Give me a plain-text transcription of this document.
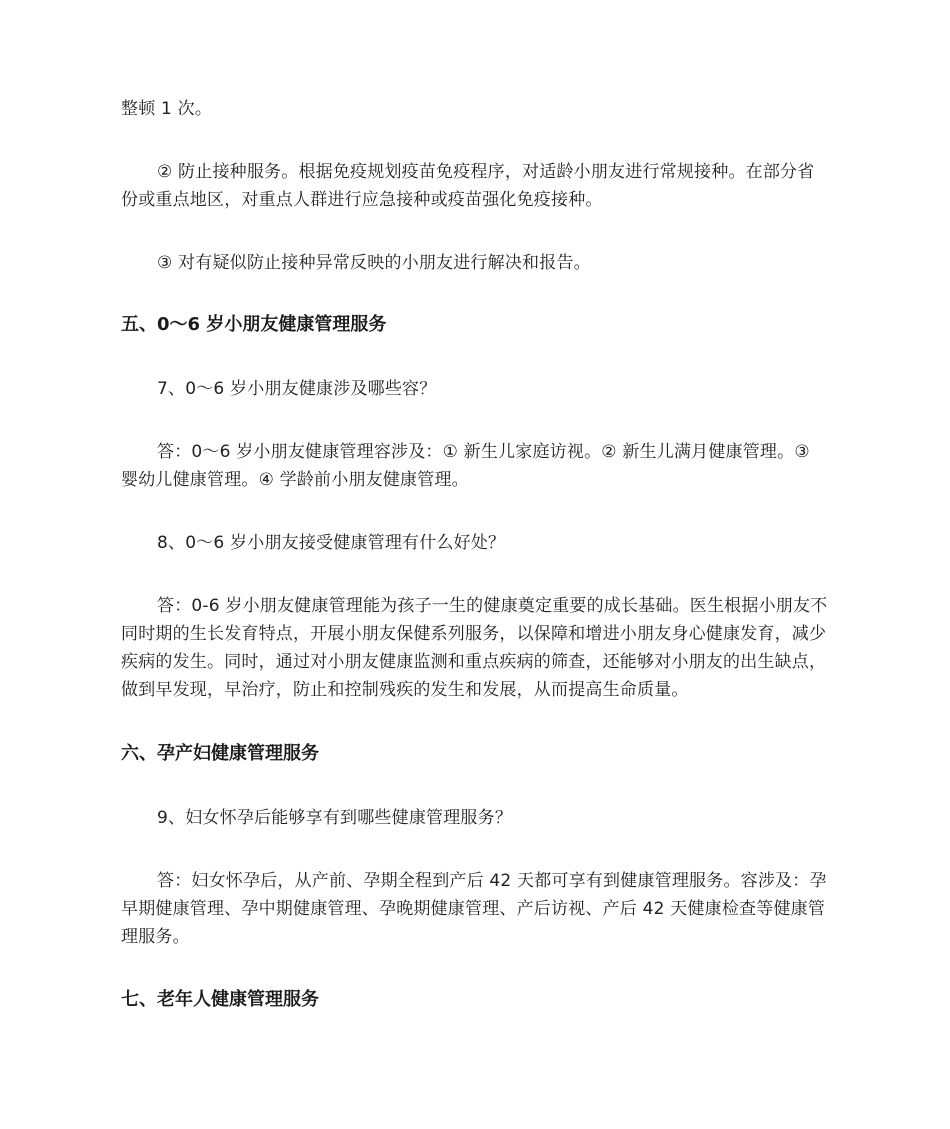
整顿 1 次。

② 防止接种服务。根据免疫规划疫苗免疫程序，对适龄小朋友进行常规接种。在部分省份或重点地区，对重点人群进行应急接种或疫苗强化免疫接种。

③ 对有疑似防止接种异常反映的小朋友进行解决和报告。

五、0～6 岁小朋友健康管理服务

7、0～6 岁小朋友健康涉及哪些容？

答：0～6 岁小朋友健康管理容涉及：① 新生儿家庭访视。② 新生儿满月健康管理。③ 婴幼儿健康管理。④ 学龄前小朋友健康管理。

8、0～6 岁小朋友接受健康管理有什么好处？

答：0-6 岁小朋友健康管理能为孩子一生的健康奠定重要的成长基础。医生根据小朋友不同时期的生长发育特点，开展小朋友保健系列服务，以保障和增进小朋友身心健康发育，减少疾病的发生。同时，通过对小朋友健康监测和重点疾病的筛查，还能够对小朋友的出生缺点，做到早发现，早治疗，防止和控制残疾的发生和发展，从而提高生命质量。

六、孕产妇健康管理服务

9、妇女怀孕后能够享有到哪些健康管理服务？

答：妇女怀孕后，从产前、孕期全程到产后 42 天都可享有到健康管理服务。容涉及：孕早期健康管理、孕中期健康管理、孕晚期健康管理、产后访视、产后 42 天健康检查等健康管理服务。

七、老年人健康管理服务
